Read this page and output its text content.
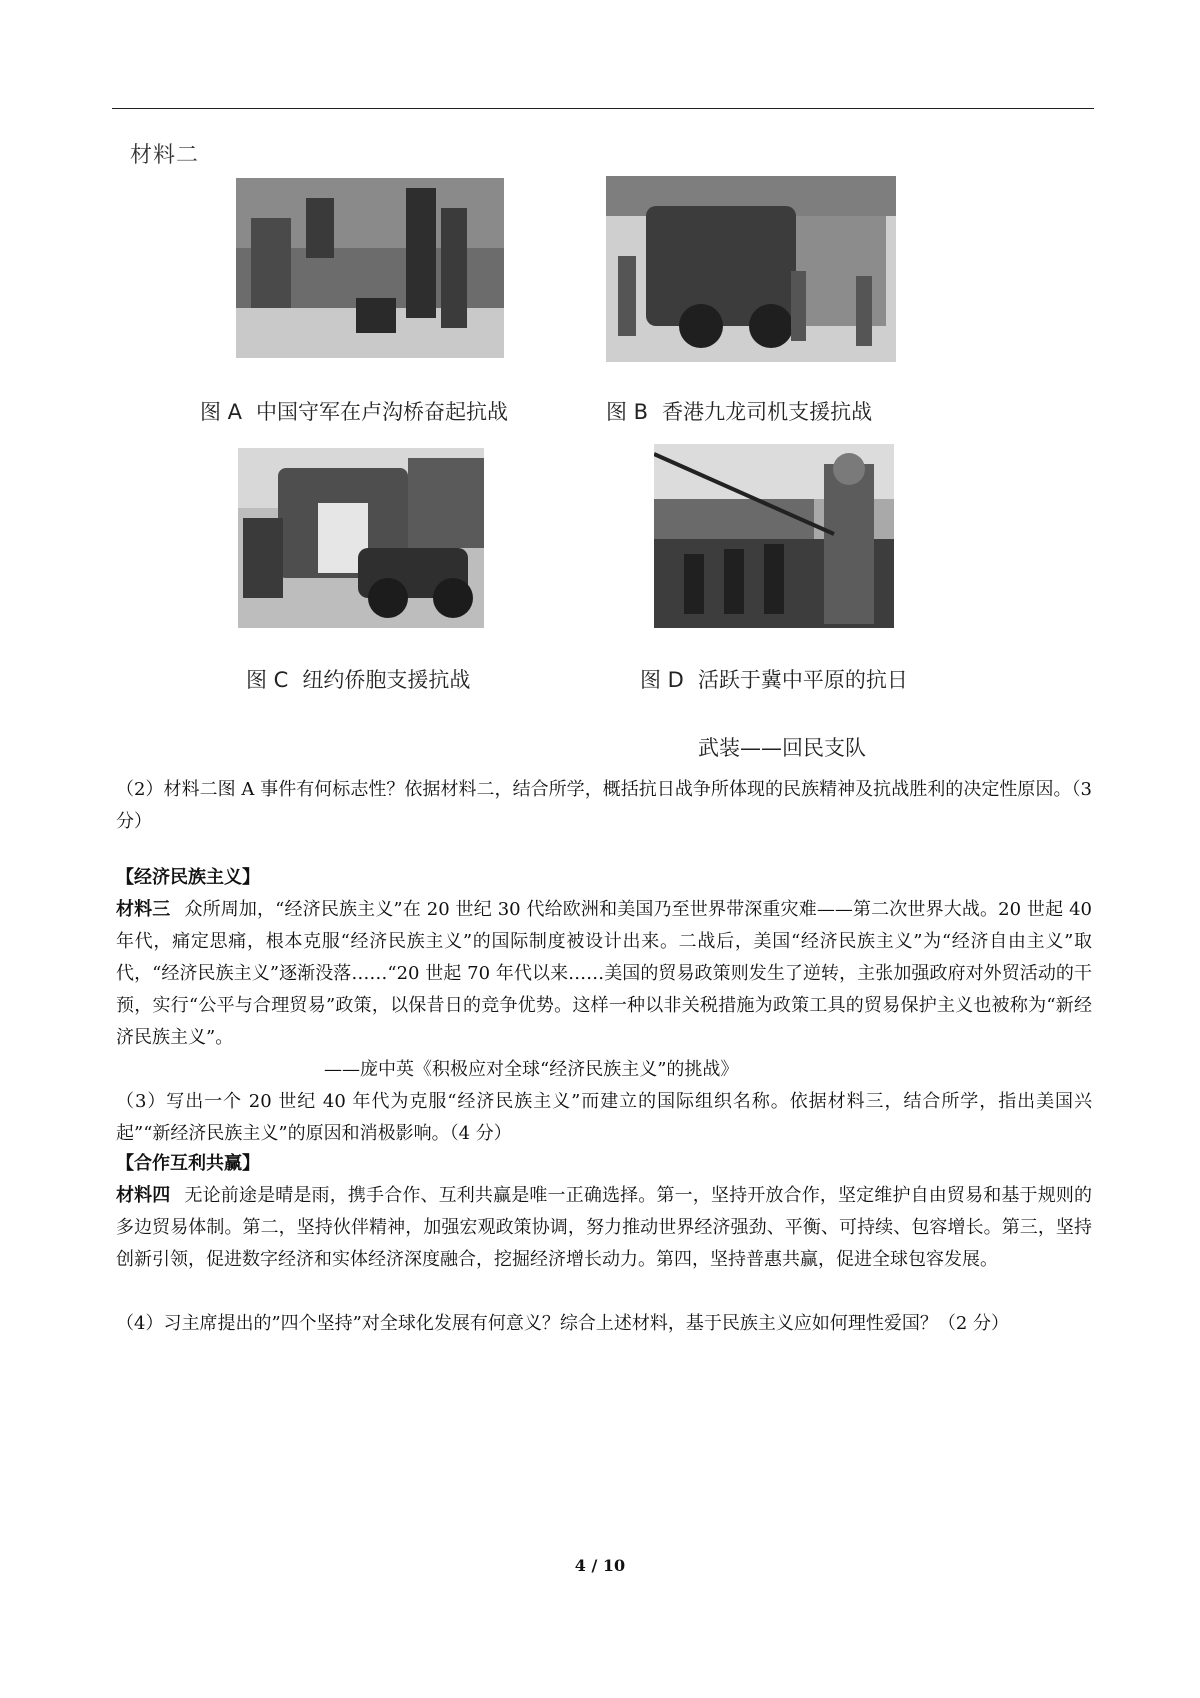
材料二
图 A 中国守军在卢沟桥奋起抗战	图 B 香港九龙司机支援抗战
图 C 纽约侨胞支援抗战	图 D 活跃于冀中平原的抗日
武装——回民支队
（2）材料二图 A 事件有何标志性？依据材料二，结合所学，概括抗日战争所体现的民族精神及抗战胜利的决定性原因。（3 分）
【经济民族主义】
材料三 众所周加，“经济民族主义”在 20 世纪 30 代给欧洲和美国乃至世界带深重灾难——第二次世界大战。20 世起 40 年代，痛定思痛，根本克服“经济民族主义”的国际制度被设计出来。二战后，美国“经济民族主义”为“经济自由主义”取代，“经济民族主义”逐渐没落……“20 世起 70 年代以来……美国的贸易政策则发生了逆转，主张加强政府对外贸活动的干预，实行“公平与合理贸易”政策，以保昔日的竞争优势。这样一种以非关税措施为政策工具的贸易保护主义也被称为“新经济民族主义”。
——庞中英《积极应对全球“经济民族主义”的挑战》
（3）写出一个 20 世纪 40 年代为克服“经济民族主义”而建立的国际组织名称。依据材料三，结合所学，指出美国兴起”“新经济民族主义”的原因和消极影响。（4 分）
【合作互利共赢】
材料四 无论前途是晴是雨，携手合作、互利共赢是唯一正确选择。第一，坚持开放合作，坚定维护自由贸易和基于规则的多边贸易体制。第二，坚持伙伴精神，加强宏观政策协调，努力推动世界经济强劲、平衡、可持续、包容增长。第三，坚持创新引领，促进数字经济和实体经济深度融合，挖掘经济增长动力。第四，坚持普惠共赢，促进全球包容发展。
（4）习主席提出的”四个坚持”对全球化发展有何意义？综合上述材料，基于民族主义应如何理性爱国？（2 分）
4 / 10
